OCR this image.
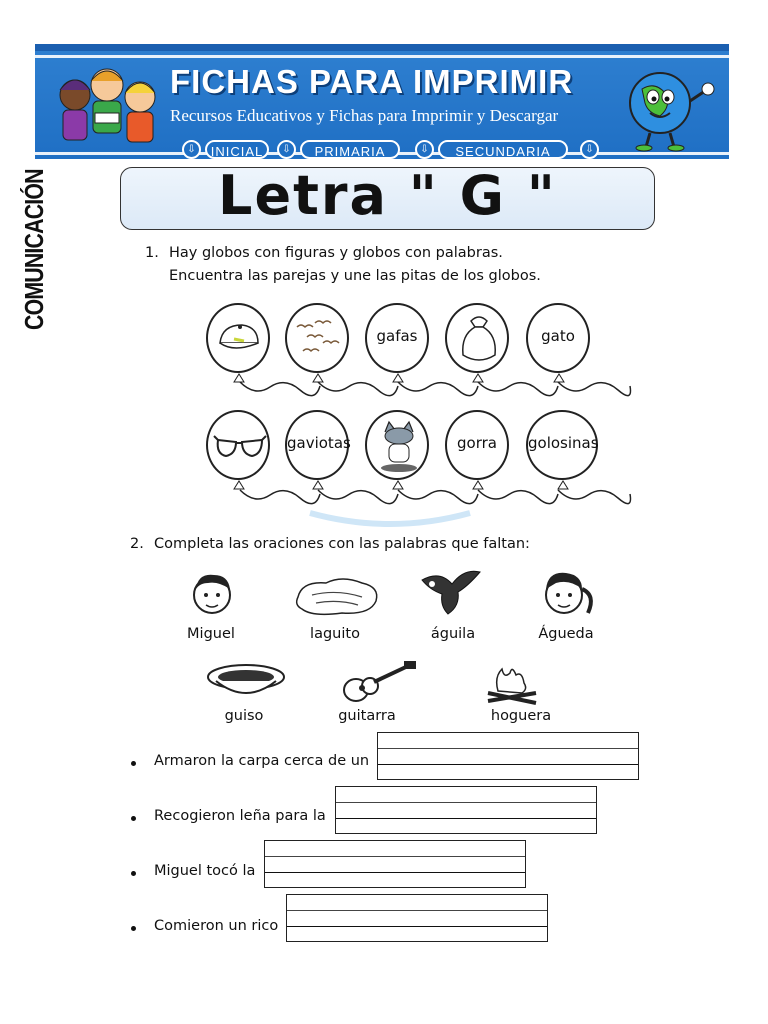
FICHAS PARA IMPRIMIR
Recursos Educativos y Fichas para Imprimir y Descargar
⇩	INICIAL	⇩	PRIMARIA	⇩	SECUNDARIA	⇩
COMUNICACIÓN	Letra " G "
1. Hay globos con figuras y globos con palabras.
Encuentra las parejas y une las pitas de los globos.
gafas	gato
gaviotas	gorra	golosinas
2. Completa las oraciones con las palabras que faltan:
Miguel	laguito	águila	Águeda
guiso	guitarra	hoguera
Armaron la carpa cerca de un
Recogieron leña para la
Miguel tocó la
Comieron un rico
